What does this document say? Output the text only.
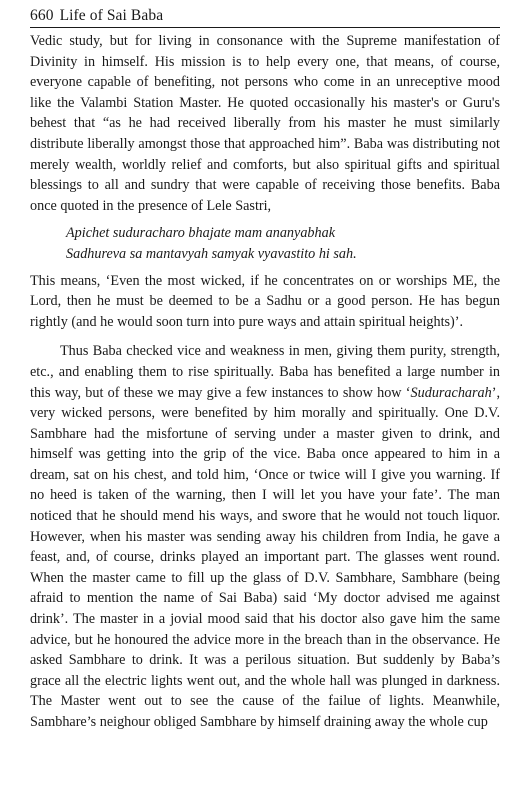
660 Life of Sai Baba

Vedic study, but for living in consonance with the Supreme manifestation of Divinity in himself. His mission is to help every one, that means, of course, everyone capable of benefiting, not persons who come in an unreceptive mood like the Valambi Station Master. He quoted occasionally his master's or Guru's behest that “as he had received liberally from his master he must similarly distribute liberally amongst those that approached him”. Baba was distributing not merely wealth, worldly relief and comforts, but also spiritual gifts and spiritual blessings to all and sundry that were capable of receiving those benefits. Baba once quoted in the presence of Lele Sastri,

Apichet suduracharo bhajate mam ananyabhak
Sadhureva sa mantavyah samyak vyavastito hi sah.

This means, ‘Even the most wicked, if he concentrates on or worships ME, the Lord, then he must be deemed to be a Sadhu or a good person. He has begun rightly (and he would soon turn into pure ways and attain spiritual heights)’.

Thus Baba checked vice and weakness in men, giving them purity, strength, etc., and enabling them to rise spiritually. Baba has benefited a large number in this way, but of these we may give a few instances to show how ‘Suduracharah’, very wicked persons, were benefited by him morally and spiritually. One D.V. Sambhare had the misfortune of serving under a master given to drink, and himself was getting into the grip of the vice. Baba once appeared to him in a dream, sat on his chest, and told him, ‘Once or twice will I give you warning. If no heed is taken of the warning, then I will let you have your fate’. The man noticed that he should mend his ways, and swore that he would not touch liquor. However, when his master was sending away his children from India, he gave a feast, and, of course, drinks played an important part. The glasses went round. When the master came to fill up the glass of D.V. Sambhare, Sambhare (being afraid to mention the name of Sai Baba) said ‘My doctor advised me against drink’. The master in a jovial mood said that his doctor also gave him the same advice, but he honoured the advice more in the breach than in the observance. He asked Sambhare to drink. It was a perilous situation. But suddenly by Baba’s grace all the electric lights went out, and the whole hall was plunged in darkness. The Master went out to see the cause of the failue of lights. Meanwhile, Sambhare’s neighour obliged Sambhare by himself draining away the whole cup
